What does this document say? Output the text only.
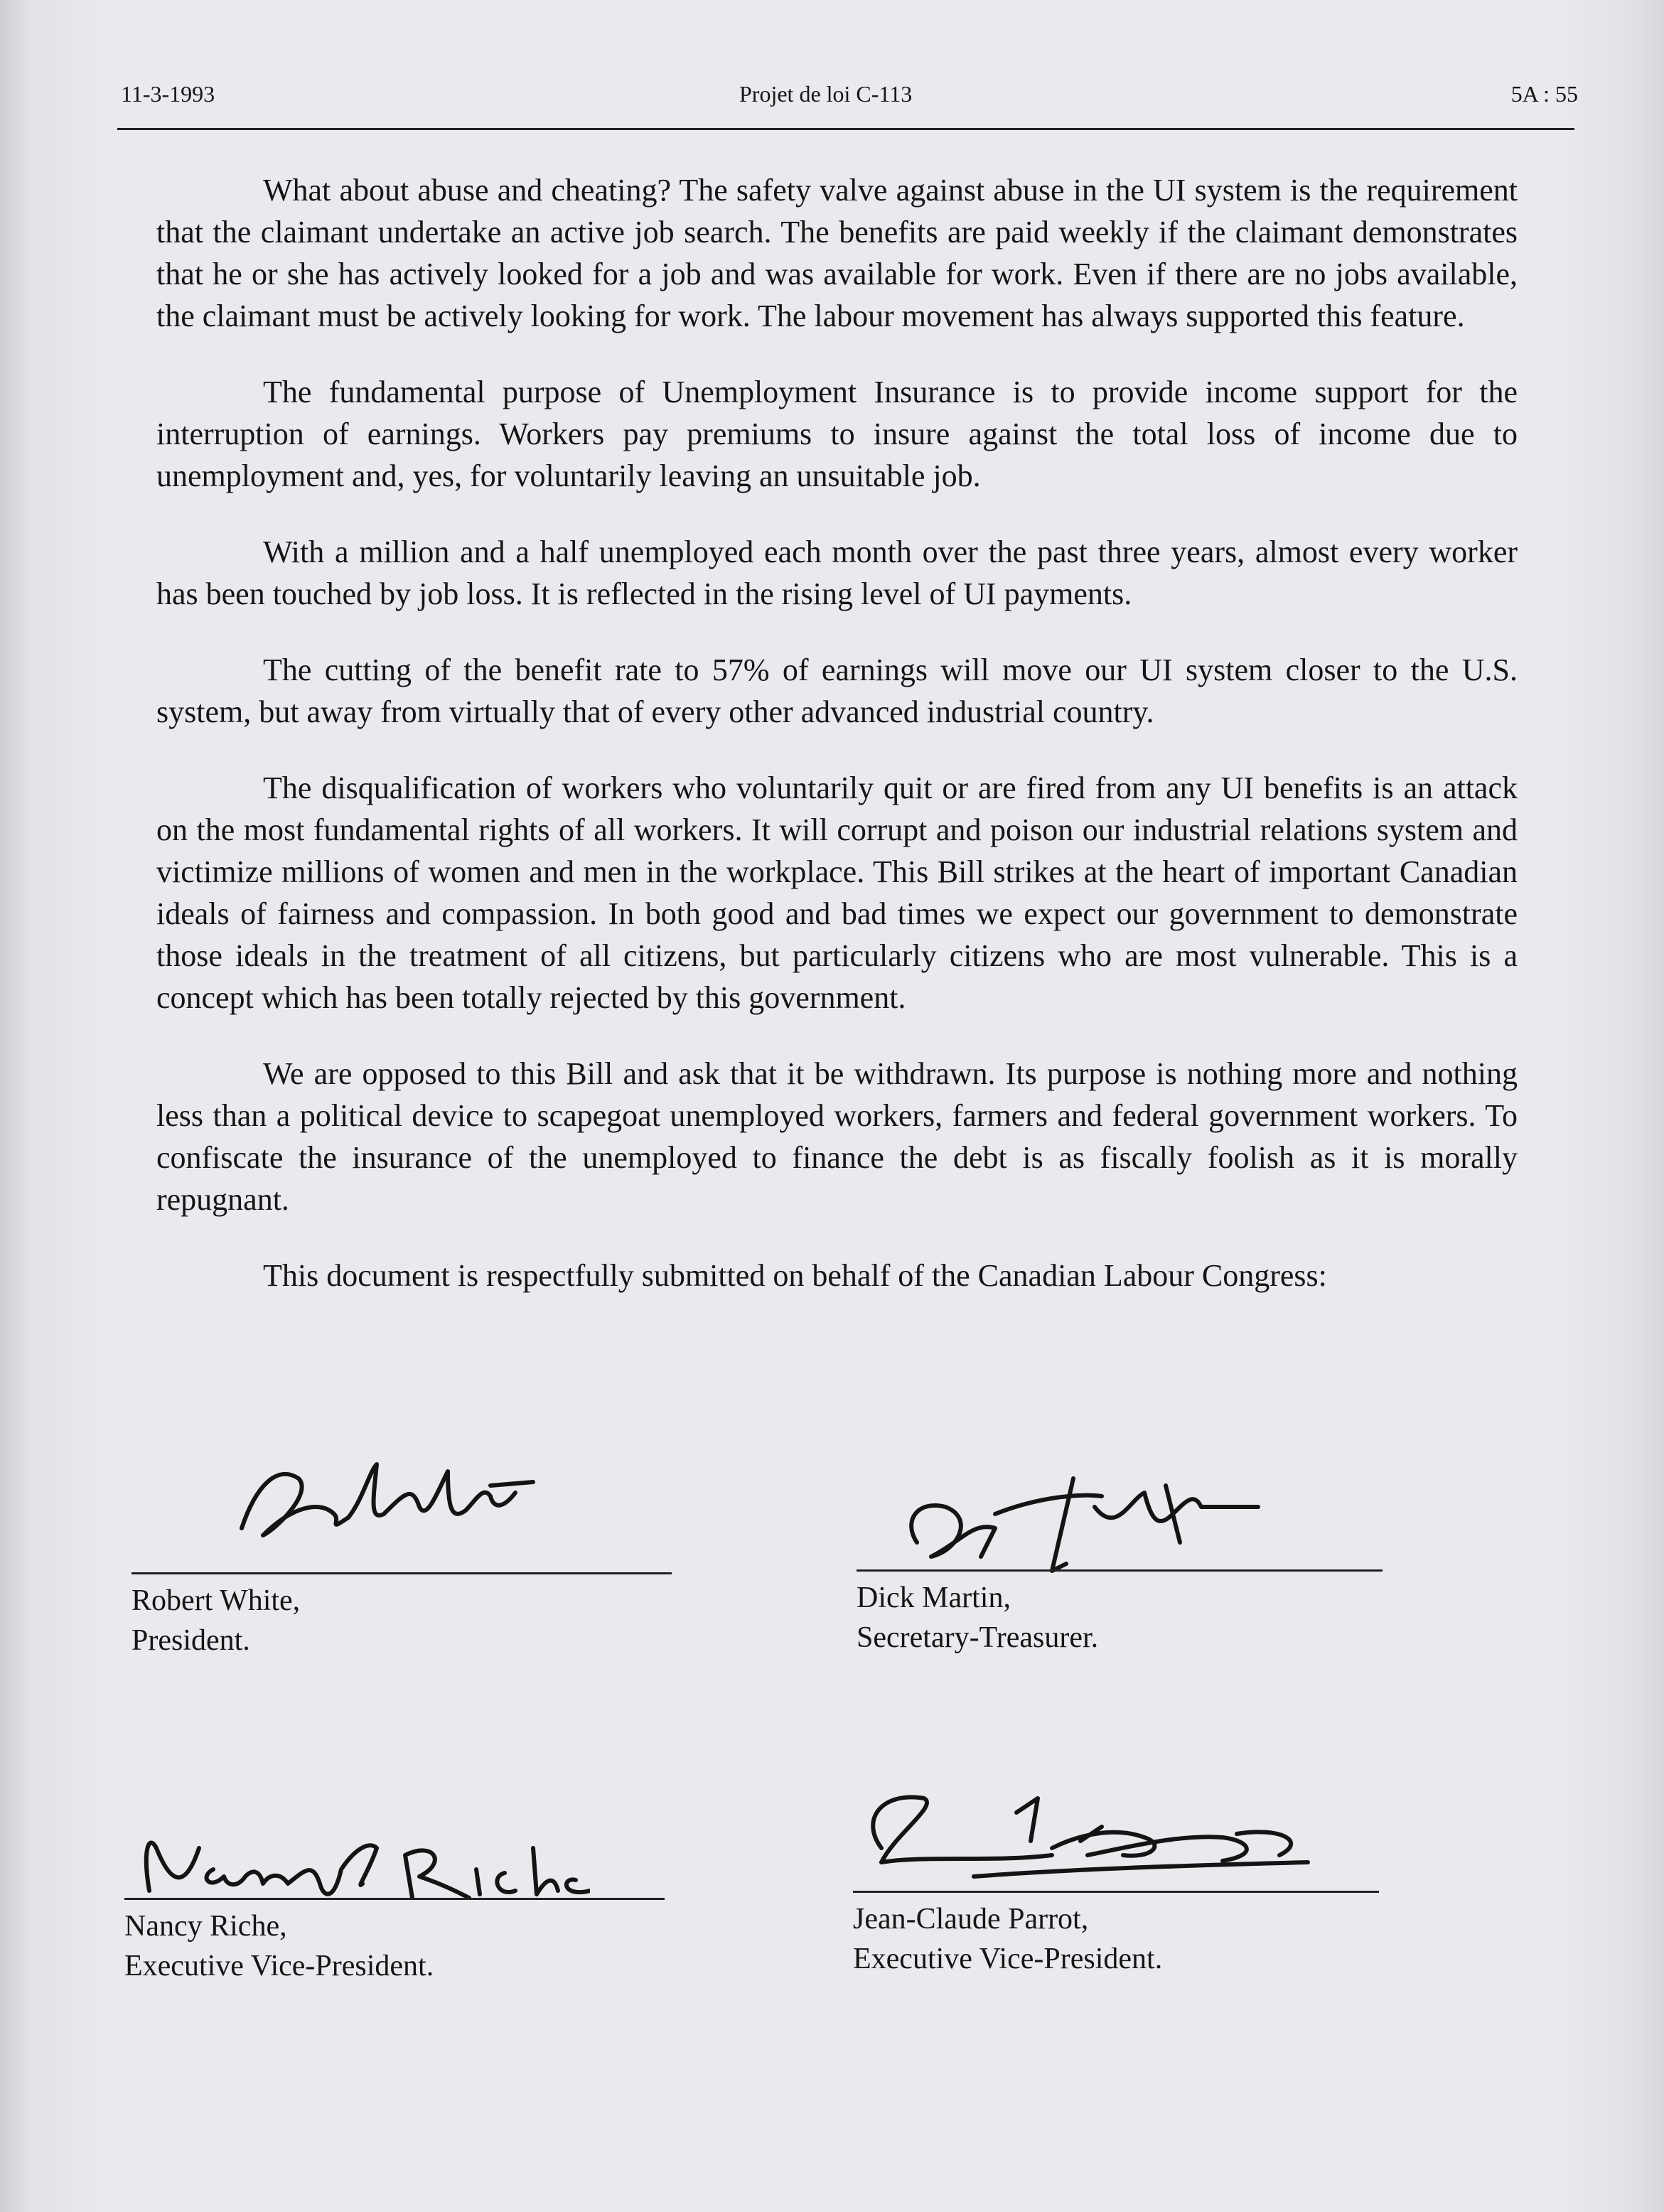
11-3-1993	Projet de loi C-113	5A : 55

What about abuse and cheating? The safety valve against abuse in the UI system is the requirement that the claimant undertake an active job search. The benefits are paid weekly if the claimant demonstrates that he or she has actively looked for a job and was available for work. Even if there are no jobs available, the claimant must be actively looking for work. The labour movement has always supported this feature.

The fundamental purpose of Unemployment Insurance is to provide income support for the interruption of earnings. Workers pay premiums to insure against the total loss of income due to unemployment and, yes, for voluntarily leaving an unsuitable job.

With a million and a half unemployed each month over the past three years, almost every worker has been touched by job loss. It is reflected in the rising level of UI payments.

The cutting of the benefit rate to 57% of earnings will move our UI system closer to the U.S. system, but away from virtually that of every other advanced industrial country.

The disqualification of workers who voluntarily quit or are fired from any UI benefits is an attack on the most fundamental rights of all workers. It will corrupt and poison our industrial relations system and victimize millions of women and men in the workplace. This Bill strikes at the heart of important Canadian ideals of fairness and compassion. In both good and bad times we expect our government to demonstrate those ideals in the treatment of all citizens, but particularly citizens who are most vulnerable. This is a concept which has been totally rejected by this government.

We are opposed to this Bill and ask that it be withdrawn. Its purpose is nothing more and nothing less than a political device to scapegoat unemployed workers, farmers and federal government workers. To confiscate the insurance of the unemployed to finance the debt is as fiscally foolish as it is morally repugnant.

This document is respectfully submitted on behalf of the Canadian Labour Congress:

Robert White,
President.
Dick Martin,
Secretary-Treasurer.
Nancy Riche,
Executive Vice-President.
Jean-Claude Parrot,
Executive Vice-President.
